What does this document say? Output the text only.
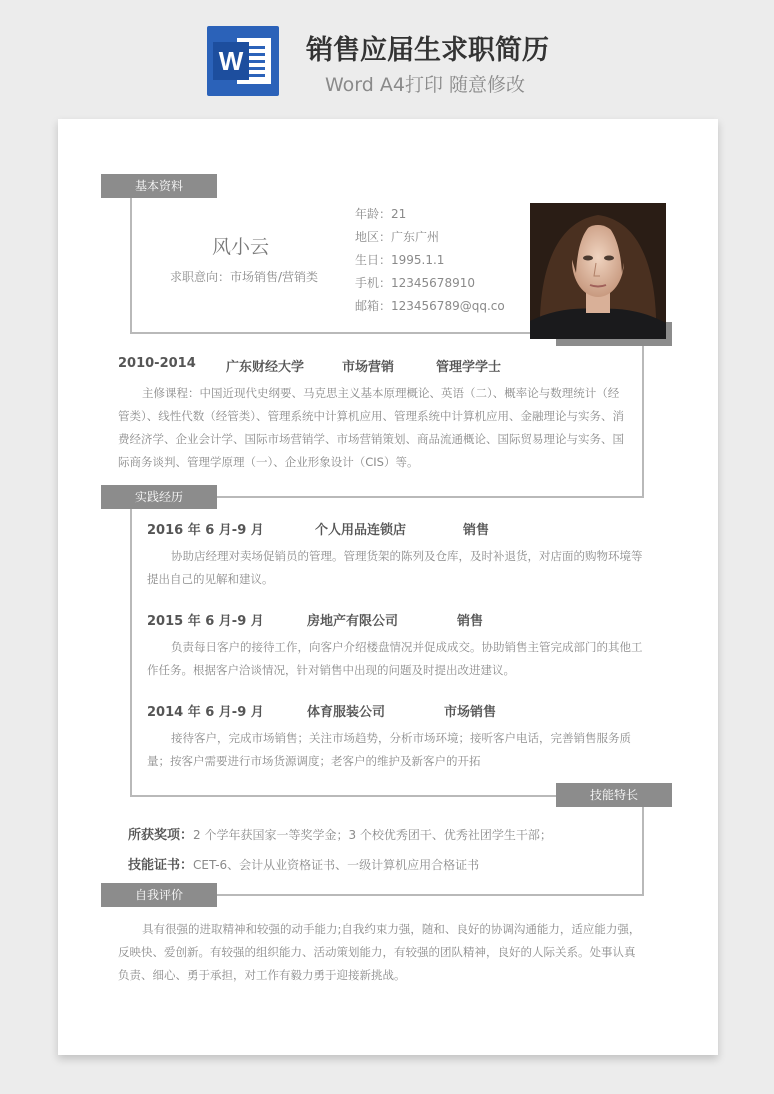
W 销售应届生求职简历
Word A4打印 随意修改
基本资料
风小云
求职意向：市场销售/营销类
年龄：21
地区：广东广州
生日：1995.1.1
手机：12345678910
邮箱：123456789@qq.co
2010-2014 广东财经大学	市场营销	管理学学士
主修课程：中国近现代史纲要、马克思主义基本原理概论、英语（二）、概率论与数理统计（经管类）、线性代数（经管类）、管理系统中计算机应用、管理系统中计算机应用、金融理论与实务、消费经济学、企业会计学、国际市场营销学、市场营销策划、商品流通概论、国际贸易理论与实务、国际商务谈判、管理学原理（一）、企业形象设计（CIS）等。
实践经历
技能特长
自我评价
2016 年 6 月-9 月	个人用品连锁店	销售
协助店经理对卖场促销员的管理。管理货架的陈列及仓库，及时补退货，对店面的购物环境等提出自己的见解和建议。
2015 年 6 月-9 月	房地产有限公司	销售
负责每日客户的接待工作，向客户介绍楼盘情况并促成成交。协助销售主管完成部门的其他工作任务。根据客户洽谈情况，针对销售中出现的问题及时提出改进建议。
2014 年 6 月-9 月	体育服装公司	市场销售
接待客户，完成市场销售；关注市场趋势，分析市场环境；接听客户电话，完善销售服务质量；按客户需要进行市场货源调度；老客户的维护及新客户的开拓
所获奖项：2 个学年获国家一等奖学金；3 个校优秀团干、优秀社团学生干部；
技能证书：CET-6、会计从业资格证书、一级计算机应用合格证书
具有很强的进取精神和较强的动手能力;自我约束力强，随和、良好的协调沟通能力，适应能力强，反映快、爱创新。有较强的组织能力、活动策划能力，有较强的团队精神，良好的人际关系。处事认真负责、细心、勇于承担，对工作有毅力勇于迎接新挑战。
